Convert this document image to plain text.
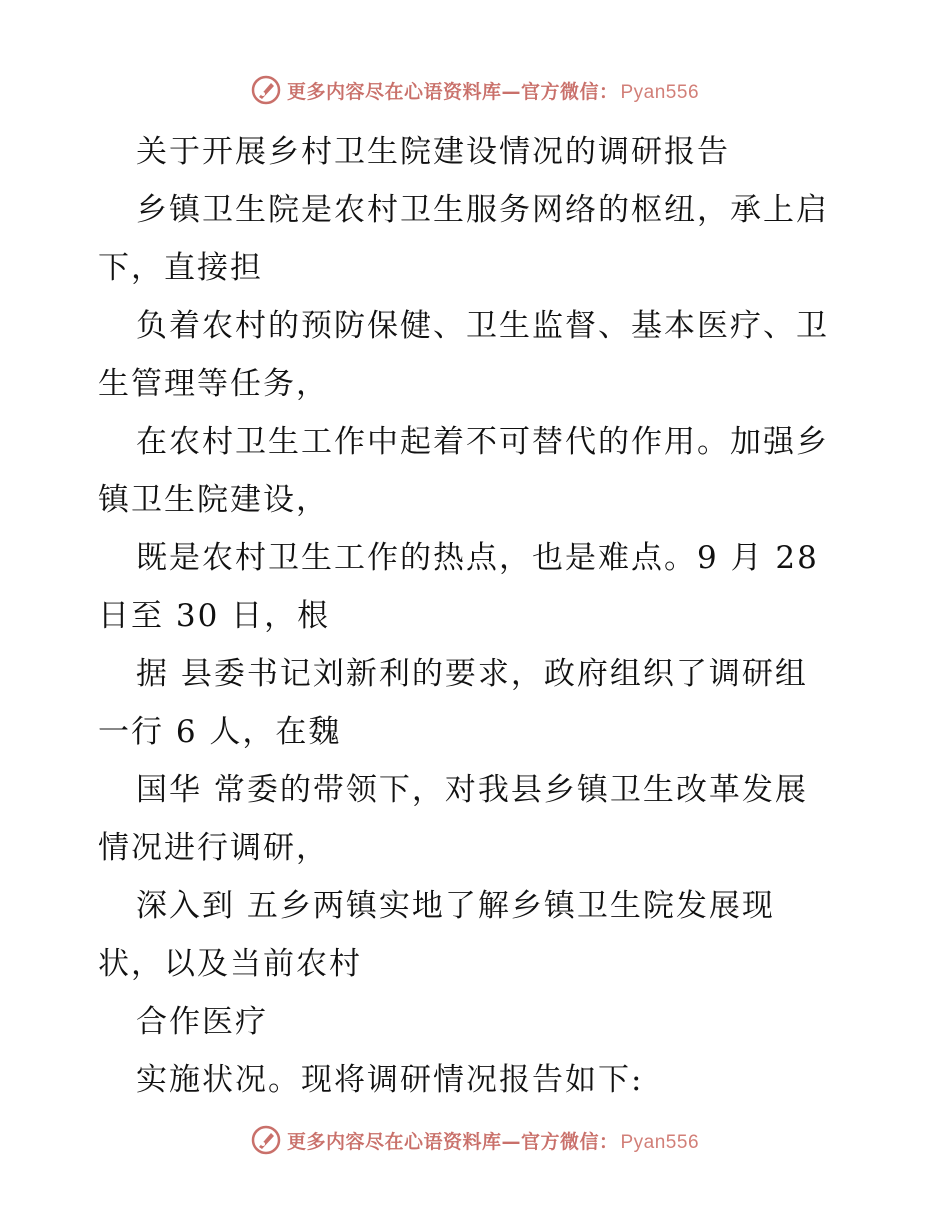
更多内容尽在心语资料库—官方微信： Pyan556
关于开展乡村卫生院建设情况的调研报告
乡镇卫生院是农村卫生服务网络的枢纽，承上启
下，直接担
负着农村的预防保健、卫生监督、基本医疗、卫
生管理等任务，
在农村卫生工作中起着不可替代的作用。加强乡
镇卫生院建设，
既是农村卫生工作的热点，也是难点。9 月 28
日至 30 日，根
据 县委书记刘新利的要求，政府组织了调研组
一行 6 人，在魏
国华 常委的带领下，对我县乡镇卫生改革发展
情况进行调研，
深入到 五乡两镇实地了解乡镇卫生院发展现
状，以及当前农村
合作医疗
实施状况。现将调研情况报告如下:
更多内容尽在心语资料库—官方微信： Pyan556
